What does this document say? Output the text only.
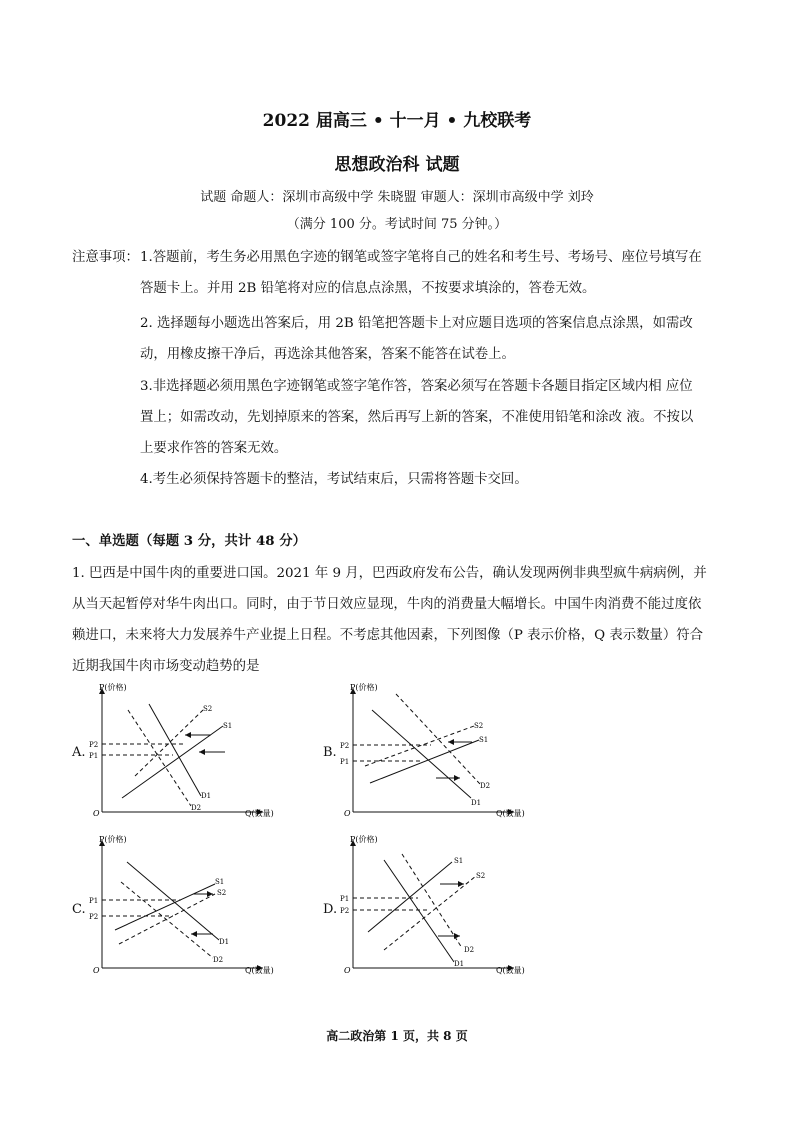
2022 届高三 • 十一月 • 九校联考
思想政治科 试题
试题 命题人：深圳市高级中学 朱晓盟 审题人：深圳市高级中学 刘玲
（满分 100 分。考试时间 75 分钟。）
注意事项： 1.答题前，考生务必用黑色字迹的钢笔或签字笔将自己的姓名和考生号、考场号、座位号填写在
答题卡上。并用 2B 铅笔将对应的信息点涂黑，不按要求填涂的，答卷无效。
2. 选择题每小题选出答案后，用 2B 铅笔把答题卡上对应题目选项的答案信息点涂黑，如需改
动，用橡皮擦干净后，再选涂其他答案，答案不能答在试卷上。
3.非选择题必须用黑色字迹钢笔或签字笔作答，答案必须写在答题卡各题目指定区域内相 应位
置上；如需改动，先划掉原来的答案，然后再写上新的答案，不准使用铅笔和涂改 液。不按以
上要求作答的答案无效。
4.考生必须保持答题卡的整洁，考试结束后，只需将答题卡交回。
一、单选题（每题 3 分，共计 48 分）
1. 巴西是中国牛肉的重要进口国。2021 年 9 月，巴西政府发布公告，确认发现两例非典型疯牛病病例，并
从当天起暂停对华牛肉出口。同时，由于节日效应显现，牛肉的消费量大幅增长。中国牛肉消费不能过度依
赖进口，未来将大力发展养牛产业提上日程。不考虑其他因素，下列图像（P 表示价格，Q 表示数量）符合
近期我国牛肉市场变动趋势的是
A.	B.
C.	D.
P(价格)
Q(数量)
O
P2
P1
S1
S2
D1
D2
P(价格)
Q(数量)
O
P2
P1
S1
S2
D1
D2
P(价格)
Q(数量)
O
P1
P2
S1
S2
D1
D2
P(价格)
Q(数量)
O
P1
P2
S1
S2
D1
D2
高二政治第 1 页，共 8 页
